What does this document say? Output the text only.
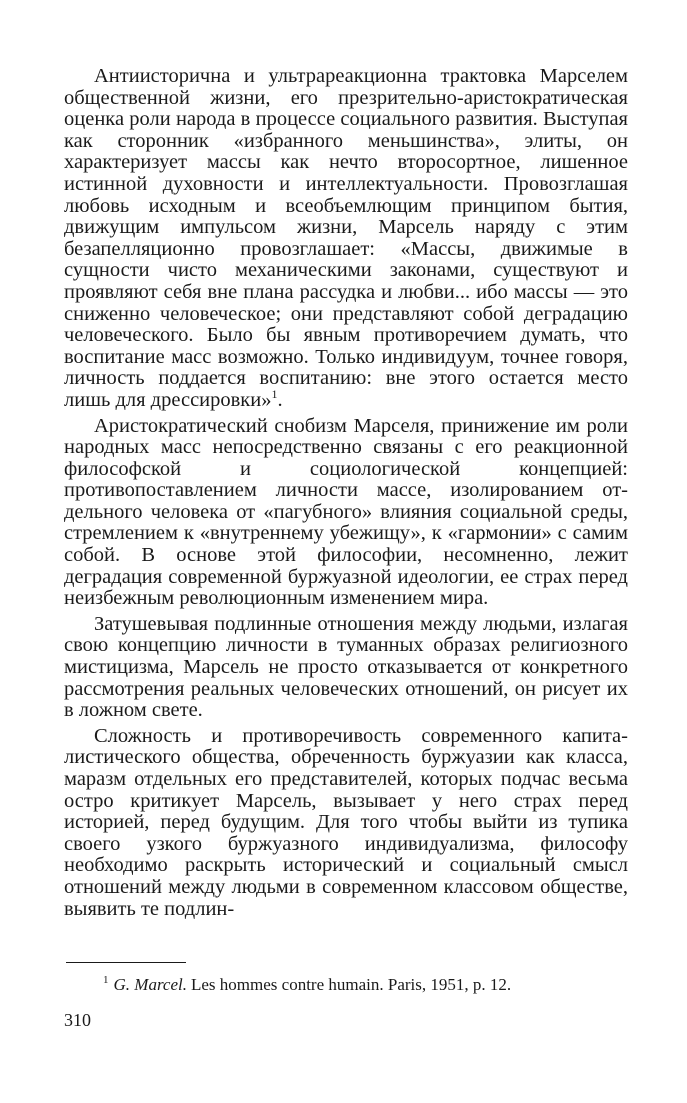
Антиисторична и ультрареакционна трактовка Марселем общественной жизни, его презрительно-аристократическая оценка роли народа в процессе социального развития. Выступая как сторонник «избранного меньшинства», элиты, он характеризует массы как нечто второсортное, лишенное истинной духовности и интеллектуальности. Провозглашая любовь исходным и всеобъемлющим принципом бытия, движущим импульсом жизни, Марсель наряду с этим безапелляционно провозглашает: «Массы, движимые в сущности чисто механическими законами, существуют и проявляют себя вне плана рассудка и любви... ибо массы — это сниженно человеческое; они представляют собой деградацию человеческого. Было бы явным противоречием думать, что воспитание масс возможно. Только индивидуум, точнее говоря, личность поддается воспитанию: вне этого остается место лишь для дрессировки»$^1$.

Аристократический снобизм Марселя, принижение им роли народных масс непосредственно связаны с его реакционной философской и социологической концепцией: противопоставлением личности массе, изолированием отдельного человека от «пагубного» влияния социальной среды, стремлением к «внутреннему убежищу», к «гармонии» с самим собой. В основе этой философии, несомненно, лежит деградация современной буржуазной идеологии, ее страх перед неизбежным революционным изменением мира.

Затушевывая подлинные отношения между людьми, излагая свою концепцию личности в туманных образах религиозного мистицизма, Марсель не просто отказывается от конкретного рассмотрения реальных человеческих отношений, он рисует их в ложном свете.

Сложность и противоречивость современного капиталистического общества, обреченность буржуазии как класса, маразм отдельных его представителей, которых подчас весьма остро критикует Марсель, вызывает у него страх перед историей, перед будущим. Для того чтобы выйти из тупика своего узкого буржуазного индивидуализма, философу необходимо раскрыть исторический и социальный смысл отношений между людьми в современном классовом обществе, выявить те подлин-

$^1$ G. Marcel. Les hommes contre humain. Paris, 1951, p. 12.
310
